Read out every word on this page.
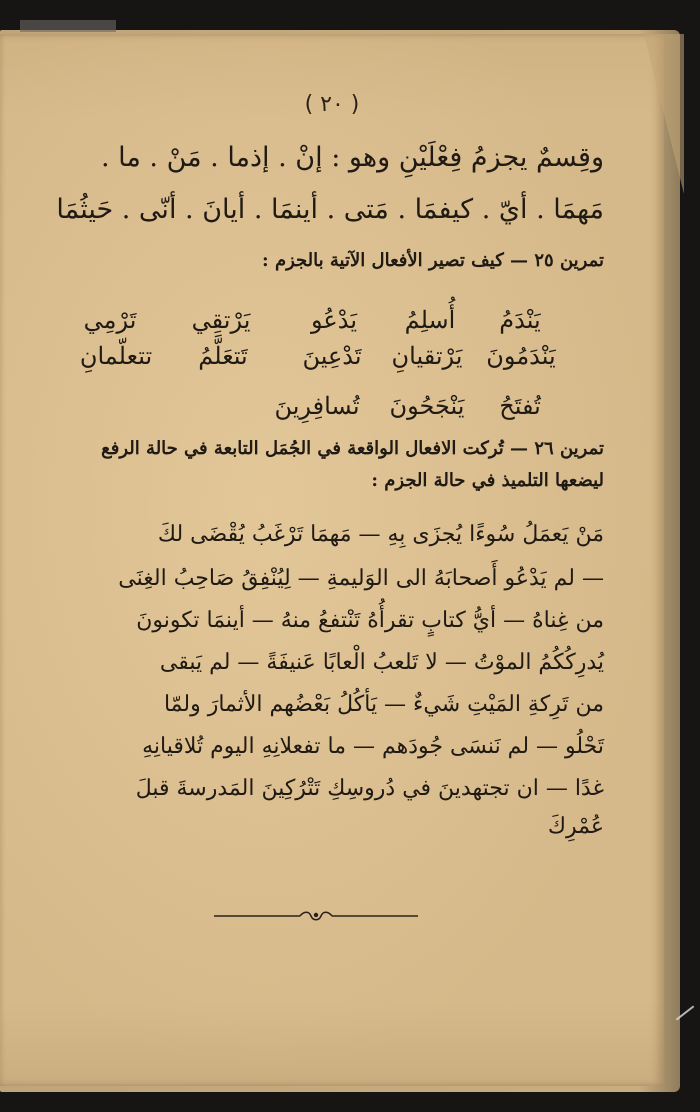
( ٢٠ )
وقِسمٌ يجزمُ فِعْلَيْنِ وهو : إنْ . إذما . مَنْ . ما .
مَهمَا . أيّ . كيفمَا . مَتى . أينمَا . أيانَ . أنّى . حَيثُمَا
تمرين ٢٥ — كيف تصير الأفعال الآتية بالجزم :
يَنْدَمُ
أُسلِمُ
يَدْعُو
يَرْتقِي
تَرْمِي
يَنْدَمُونَ
يَرْتقيانِ
تَدْعِينَ
تَتعَلَّمُ
تتعلّمانِ
تُفتَحُ
يَنْجَحُونَ
تُسافِرِينَ
تمرين ٢٦ — تُركت الافعال الواقعة في الجُمَل التابعة في حالة الرفع
ليضعها التلميذ في حالة الجزم :
مَنْ يَعمَلُ سُوءًا يُجزَى بِهِ — مَهمَا تَرْغَبُ يُقْضَى لكَ
— لم يَدْعُو أَصحابَهُ الى الوَليمةِ — لِيُنْفِقُ صَاحِبُ الغِنَى
من غِناهُ — أيُّ كتابٍ تقرأُهُ تَنْتفعُ منهُ — أينمَا تكونونَ
يُدرِكُكُمُ الموْتُ — لا تَلعبُ الْعابًا عَنيفَةً — لم يَبقى
من تَرِكةِ المَيْتِ شَيءٌ — يَأكُلُ بَعْضُهم الأثمارَ ولمّا
تَحْلُو — لم نَنسَى جُودَهم — ما تفعلانِهِ اليوم تُلاقيانِهِ
غدًا — ان تجتهدينَ في دُروسِكِ تَتْرُكِينَ المَدرسةَ قبلَ
عُمْرِكَ
